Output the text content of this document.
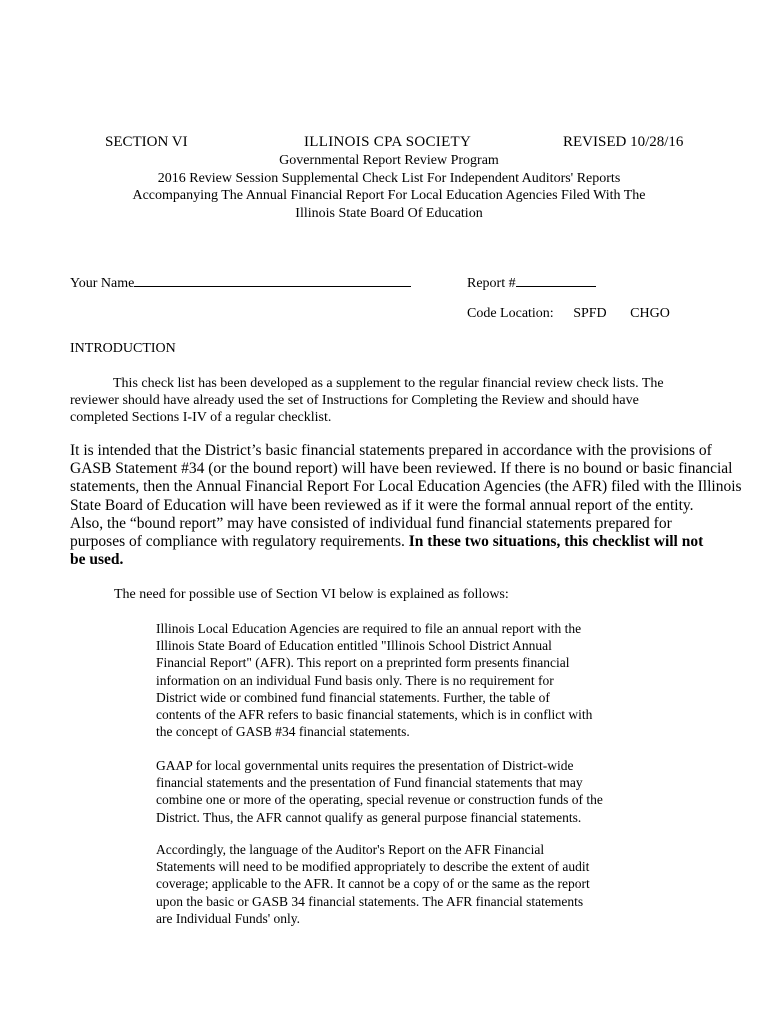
SECTION VI	ILLINOIS CPA SOCIETY	REVISED 10/28/16
Governmental Report Review Program
2016 Review Session Supplemental Check List For Independent Auditors' Reports
Accompanying The Annual Financial Report For Local Education Agencies Filed With The
Illinois State Board Of Education
Your Name	Report #
Code Location: SPFD CHGO
INTRODUCTION
This check list has been developed as a supplement to the regular financial review check lists. The
reviewer should have already used the set of Instructions for Completing the Review and should have
completed Sections I-IV of a regular checklist.
It is intended that the District’s basic financial statements prepared in accordance with the provisions of
GASB Statement #34 (or the bound report) will have been reviewed. If there is no bound or basic financial
statements, then the Annual Financial Report For Local Education Agencies (the AFR) filed with the Illinois
State Board of Education will have been reviewed as if it were the formal annual report of the entity.
Also, the “bound report” may have consisted of individual fund financial statements prepared for
purposes of compliance with regulatory requirements. In these two situations, this checklist will not
be used.
The need for possible use of Section VI below is explained as follows:
Illinois Local Education Agencies are required to file an annual report with the
Illinois State Board of Education entitled "Illinois School District Annual
Financial Report" (AFR). This report on a preprinted form presents financial
information on an individual Fund basis only. There is no requirement for
District wide or combined fund financial statements. Further, the table of
contents of the AFR refers to basic financial statements, which is in conflict with
the concept of GASB #34 financial statements.
GAAP for local governmental units requires the presentation of District-wide
financial statements and the presentation of Fund financial statements that may
combine one or more of the operating, special revenue or construction funds of the
District. Thus, the AFR cannot qualify as general purpose financial statements.
Accordingly, the language of the Auditor's Report on the AFR Financial
Statements will need to be modified appropriately to describe the extent of audit
coverage; applicable to the AFR. It cannot be a copy of or the same as the report
upon the basic or GASB 34 financial statements. The AFR financial statements
are Individual Funds' only.
